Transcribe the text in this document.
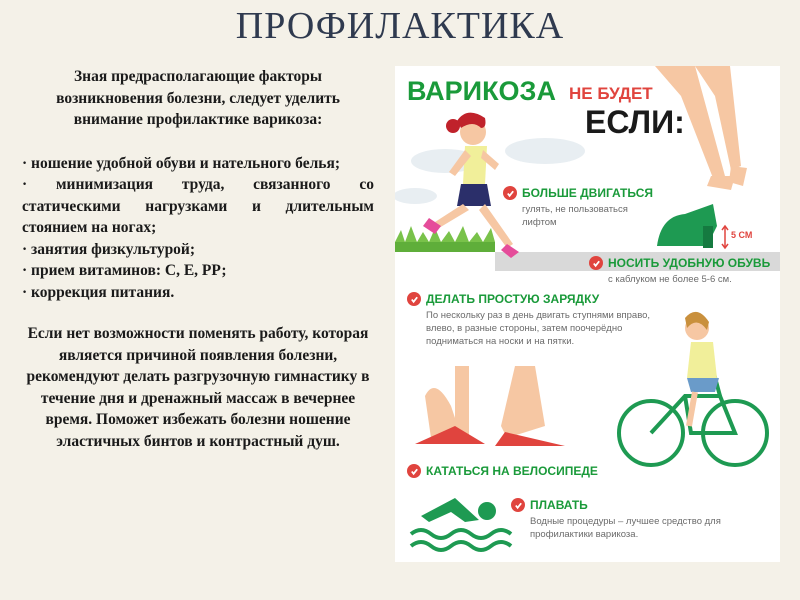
ПРОФИЛАКТИКА

Зная предрасполагающие факторы возникновения болезни, следует уделить внимание профилактике варикоза:

· ношение удобной обуви и нательного белья;
· минимизация труда, связанного со статическими нагрузками и длительным стоянием на ногах;
· занятия физкультурой;
· прием витаминов: С, Е, РР;
· коррекция питания.

Если нет возможности поменять работу, которая является причиной появления болезни, рекомендуют делать разгрузочную гимнастику в течение дня и дренажный массаж в вечернее время. Поможет избежать болезни ношение эластичных бинтов и контрастный душ.

ВАРИКОЗА НЕ БУДЕТ
ЕСЛИ:
5 СМ
БОЛЬШЕ ДВИГАТЬСЯ
гулять, не пользоваться лифтом
НОСИТЬ УДОБНУЮ ОБУВЬ
с каблуком не более 5-6 см.
ДЕЛАТЬ ПРОСТУЮ ЗАРЯДКУ
По нескольку раз в день двигать ступнями вправо, влево, в разные стороны, затем поочерёдно подниматься на носки и на пятки.
КАТАТЬСЯ НА ВЕЛОСИПЕДЕ
ПЛАВАТЬ
Водные процедуры – лучшее средство для профилактики варикоза.
